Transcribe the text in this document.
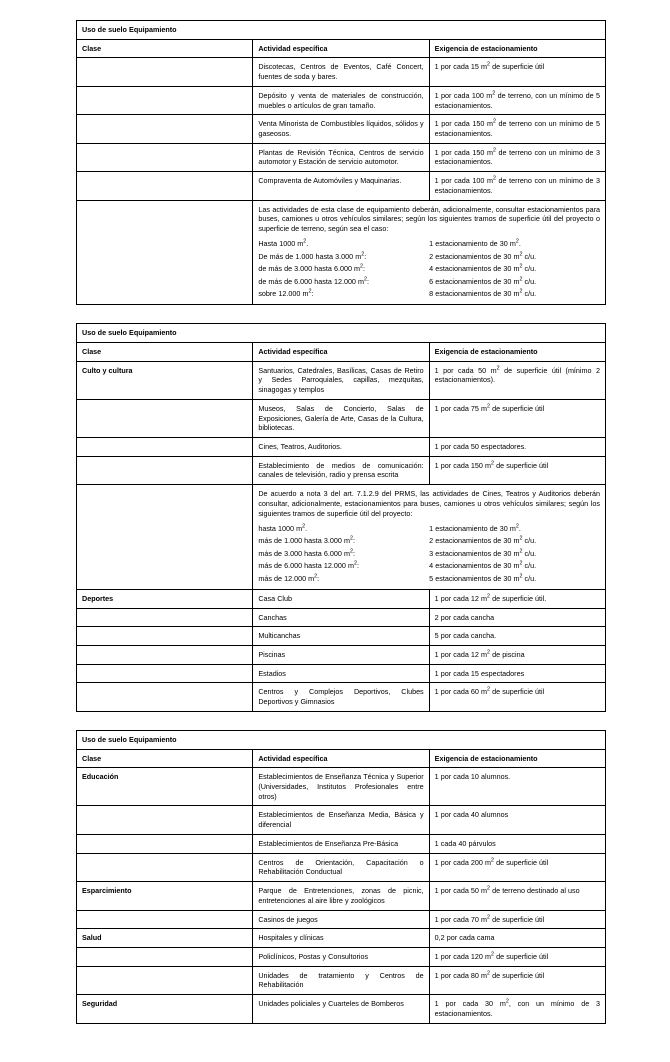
Uso de suelo Equipamiento		
Clase	Actividad específica	Exigencia de estacionamiento
	Discotecas, Centros de Eventos, Café Concert, fuentes de soda y bares.	1 por cada 15 $m^2$ de superficie útil
	Depósito y venta de materiales de construcción, muebles o artículos de gran tamaño.	1 por cada 100 $m^2$ de terreno, con un mínimo de 5 estacionamientos.
	Venta Minorista de Combustibles líquidos, sólidos y gaseosos.	1 por cada 150 $m^2$ de terreno con un mínimo de 5 estacionamientos.
	Plantas de Revisión Técnica, Centros de servicio automotor y Estación de servicio automotor.	1 por cada 150 $m^2$ de terreno con un mínimo de 3 estacionamientos.
	Compraventa de Automóviles y Maquinarias.	1 por cada 100 $m^2$ de terreno con un mínimo de 3 estacionamientos.

Las actividades de esta clase de equipamiento deberán, adicionalmente, consultar estacionamientos para buses, camiones u otros vehículos similares; según los siguientes tramos de superficie útil del proyecto o superficie de terreno, según sea el caso:

Hasta 1000 $m^2$.	1 estacionamiento de 30 $m^2$.
De más de 1.000 hasta 3.000 $m^2$:	2 estacionamientos de 30 $m^2$ c/u.
de más de 3.000 hasta 6.000 $m^2$:	4 estacionamientos de 30 $m^2$ c/u.
de más de 6.000 hasta 12.000 $m^2$:	6 estacionamientos de 30 $m^2$ c/u.
sobre 12.000 $m^2$:	8 estacionamientos de 30 $m^2$ c/u.
Uso de suelo Equipamiento		
Clase	Actividad específica	Exigencia de estacionamiento
Culto y cultura	Santuarios, Catedrales, Basílicas, Casas de Retiro y Sedes Parroquiales, capillas, mezquitas, sinagogas y templos	1 por cada 50 $m^2$ de superficie útil (mínimo 2 estacionamientos).
	Museos, Salas de Concierto, Salas de Exposiciones, Galería de Arte, Casas de la Cultura, bibliotecas.	1 por cada 75 $m^2$ de superficie útil
	Cines, Teatros, Auditorios.	1 por cada 50 espectadores.
	Establecimiento de medios de comunicación: canales de televisión, radio y prensa escrita	1 por cada 150 $m^2$ de superficie útil

De acuerdo a nota 3 del art. 7.1.2.9 del PRMS, las actividades de Cines, Teatros y Auditorios deberán consultar, adicionalmente, estacionamientos para buses, camiones u otros vehículos similares; según los siguientes tramos de superficie útil del proyecto:

hasta 1000 $m^2$.	1 estacionamiento de 30 $m^2$.
más de 1.000 hasta 3.000 $m^2$:	2 estacionamientos de 30 $m^2$ c/u.
más de 3.000 hasta 6.000 $m^2$:	3 estacionamientos de 30 $m^2$ c/u.
más de 6.000 hasta 12.000 $m^2$:	4 estacionamientos de 30 $m^2$ c/u.
más de 12.000 $m^2$:	5 estacionamientos de 30 $m^2$ c/u.

Deportes	Casa Club	1 por cada 12 $m^2$ de superficie útil.
	Canchas	2 por cada cancha
	Multicanchas	5 por cada cancha.
	Piscinas	1 por cada 12 $m^2$ de piscina
	Estadios	1 por cada 15 espectadores
	Centros y Complejos Deportivos, Clubes Deportivos y Gimnasios	1 por cada 60 $m^2$ de superficie útil
Uso de suelo Equipamiento		
Clase	Actividad específica	Exigencia de estacionamiento
Educación	Establecimientos de Enseñanza Técnica y Superior (Universidades, Institutos Profesionales entre otros)	1 por cada 10 alumnos.
	Establecimientos de Enseñanza Media, Básica y diferencial	1 por cada 40 alumnos
	Establecimientos de Enseñanza Pre-Básica	1 cada 40 párvulos
	Centros de Orientación, Capacitación o Rehabilitación Conductual	1 por cada 200 $m^2$ de superficie útil
Esparcimiento	Parque de Entretenciones, zonas de picnic, entretenciones al aire libre y zoológicos	1 por cada 50 $m^2$ de terreno destinado al uso
	Casinos de juegos	1 por cada 70 $m^2$ de superficie útil
Salud	Hospitales y clínicas	0,2 por cada cama
	Policlínicos, Postas y Consultorios	1 por cada 120 $m^2$ de superficie útil
	Unidades de tratamiento y Centros de Rehabilitación	1 por cada 80 $m^2$ de superficie útil
Seguridad	Unidades policiales y Cuarteles de Bomberos	1 por cada 30 $m^2$, con un mínimo de 3 estacionamientos.
